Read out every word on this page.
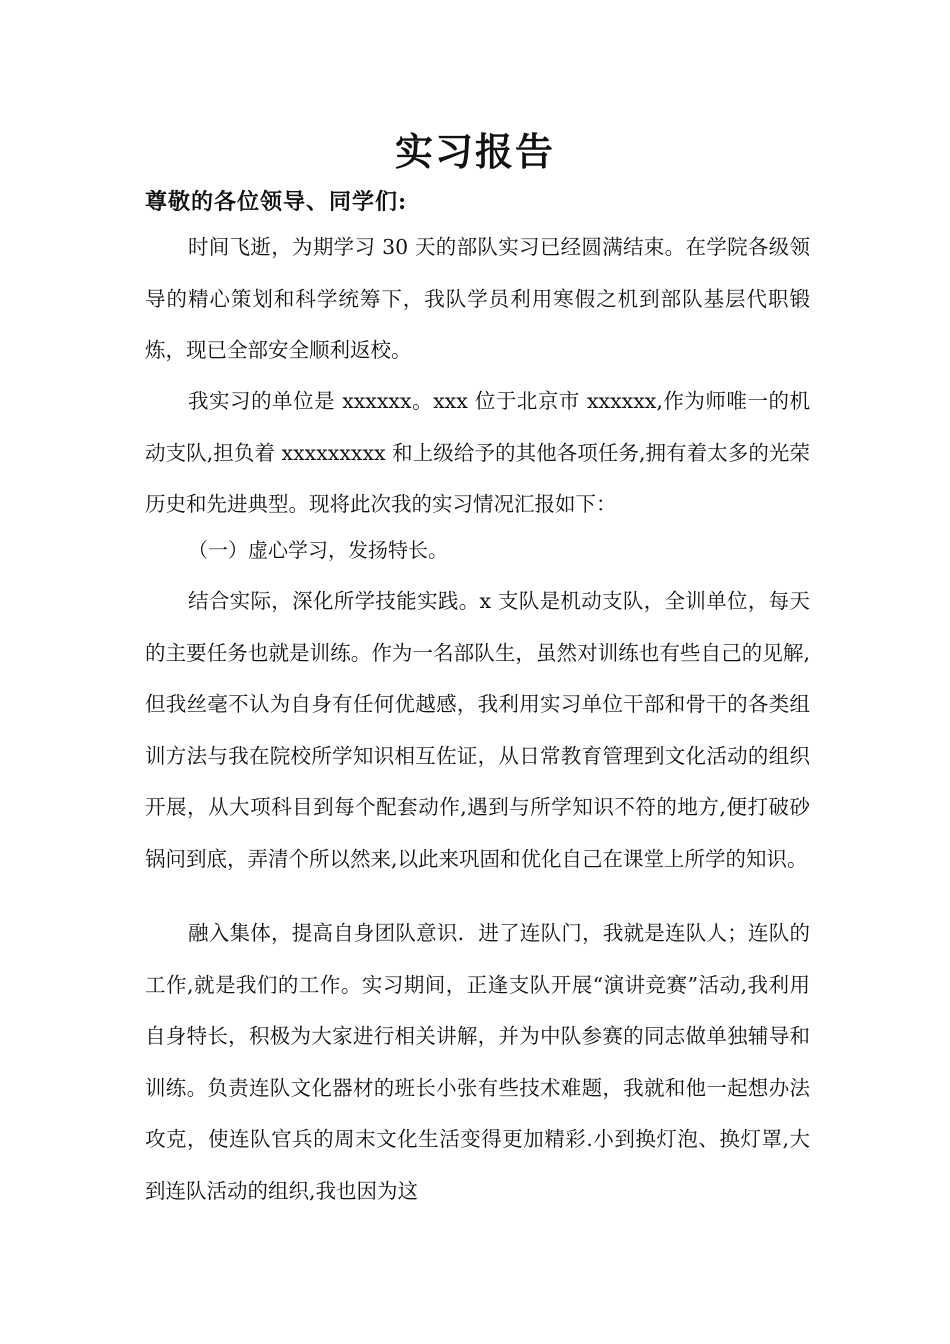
实习报告
尊敬的各位领导、同学们:

时间飞逝，为期学习 30 天的部队实习已经圆满结束。在学院各级领导的精心策划和科学统筹下，我队学员利用寒假之机到部队基层代职锻炼，现已全部安全顺利返校。

我实习的单位是 xxxxxx。xxx 位于北京市 xxxxxx,作为师唯一的机动支队,担负着 xxxxxxxxx 和上级给予的其他各项任务,拥有着太多的光荣历史和先进典型。现将此次我的实习情况汇报如下：

（一）虚心学习，发扬特长。

结合实际，深化所学技能实践。x 支队是机动支队，全训单位，每天的主要任务也就是训练。作为一名部队生，虽然对训练也有些自己的见解,但我丝毫不认为自身有任何优越感，我利用实习单位干部和骨干的各类组训方法与我在院校所学知识相互佐证，从日常教育管理到文化活动的组织开展，从大项科目到每个配套动作,遇到与所学知识不符的地方,便打破砂锅问到底，弄清个所以然来,以此来巩固和优化自己在课堂上所学的知识。

融入集体，提高自身团队意识．进了连队门，我就是连队人；连队的工作,就是我们的工作。实习期间，正逢支队开展“演讲竞赛”活动,我利用自身特长，积极为大家进行相关讲解，并为中队参赛的同志做单独辅导和训练。负责连队文化器材的班长小张有些技术难题，我就和他一起想办法攻克，使连队官兵的周末文化生活变得更加精彩.小到换灯泡、换灯罩,大到连队活动的组织,我也因为这
